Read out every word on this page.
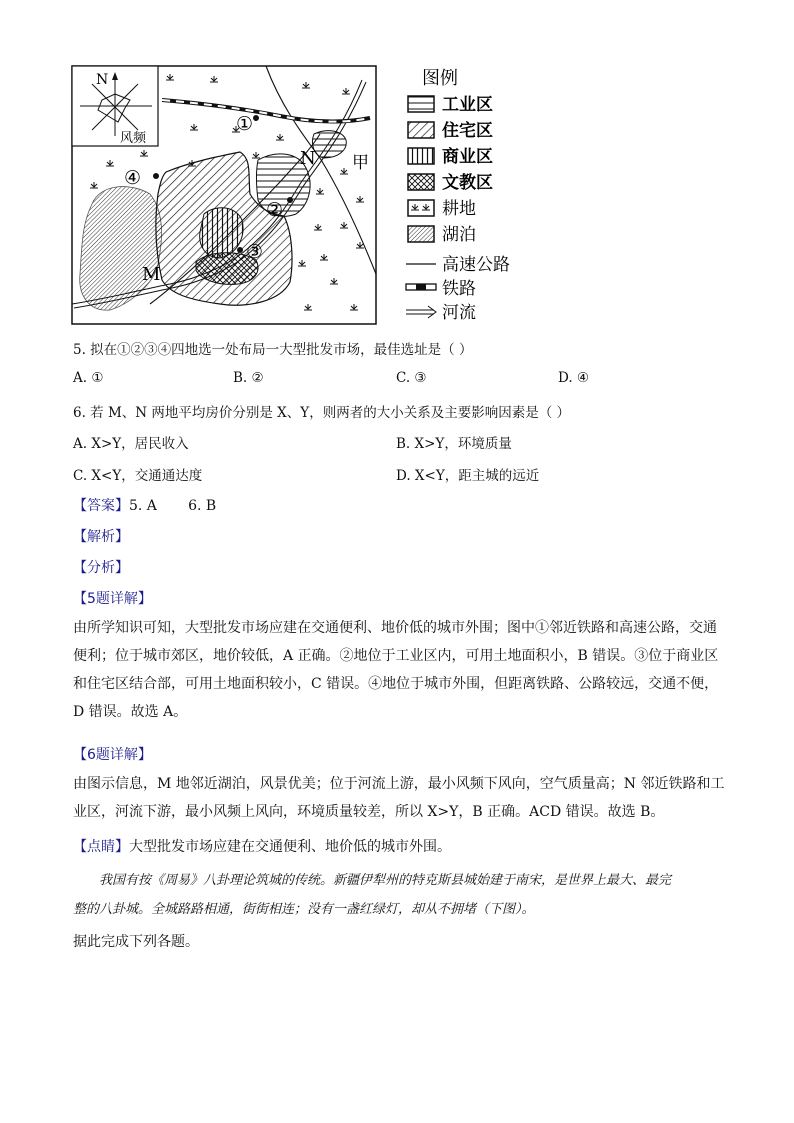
N
风频
①
④
②
③
M
N 甲
图例
工业区
住宅区
商业区
文教区
耕地
湖泊
高速公路
铁路
河流
5. 拟在①②③④四地选一处布局一大型批发市场，最佳选址是（ ）
A. ①	B. ②	C. ③	D. ④
6. 若 M、N 两地平均房价分别是 X、Y，则两者的大小关系及主要影响因素是（ ）
A. X>Y，居民收入	B. X>Y，环境质量
C. X<Y，交通通达度	D. X<Y，距主城的远近
【答案】5. A       6. B
【解析】
【分析】
【5题详解】
由所学知识可知，大型批发市场应建在交通便利、地价低的城市外围；图中①邻近铁路和高速公路，交通
便利；位于城市郊区，地价较低，A 正确。②地位于工业区内，可用土地面积小，B 错误。③位于商业区
和住宅区结合部，可用土地面积较小，C 错误。④地位于城市外围，但距离铁路、公路较远，交通不便，
D 错误。故选 A。
【6题详解】
由图示信息，M 地邻近湖泊，风景优美；位于河流上游，最小风频下风向，空气质量高；N 邻近铁路和工
业区，河流下游，最小风频上风向，环境质量较差，所以 X>Y，B 正确。ACD 错误。故选 B。
【点睛】大型批发市场应建在交通便利、地价低的城市外围。
我国有按《周易》八卦理论筑城的传统。新疆伊犁州的特克斯县城始建于南宋，是世界上最大、最完
整的八卦城。全城路路相通，街街相连；没有一盏红绿灯，却从不拥堵（下图）。
据此完成下列各题。
